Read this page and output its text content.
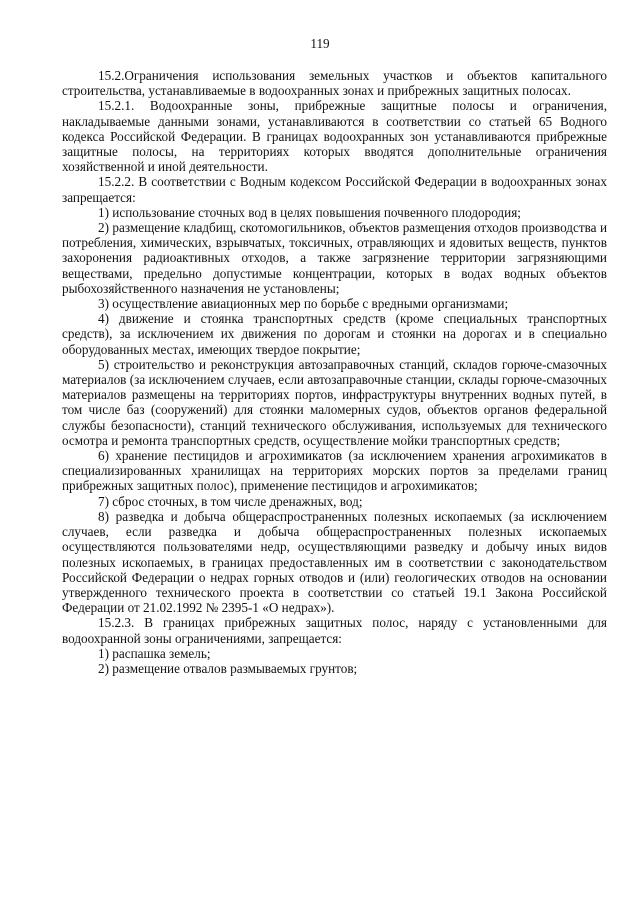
119

15.2.Ограничения использования земельных участков и объектов капитального строительства, устанавливаемые в водоохранных зонах и прибрежных защитных полосах.

15.2.1. Водоохранные зоны, прибрежные защитные полосы и ограничения, накладываемые данными зонами, устанавливаются в соответствии со статьей 65 Водного кодекса Российской Федерации. В границах водоохранных зон устанавливаются прибрежные защитные полосы, на территориях которых вводятся дополнительные ограничения хозяйственной и иной деятельности.

15.2.2. В соответствии с Водным кодексом Российской Федерации в водоохранных зонах запрещается:

1) использование сточных вод в целях повышения почвенного плодородия;

2) размещение кладбищ, скотомогильников, объектов размещения отходов производства и потребления, химических, взрывчатых, токсичных, отравляющих и ядовитых веществ, пунктов захоронения радиоактивных отходов, а также загрязнение территории загрязняющими веществами, предельно допустимые концентрации, которых в водах водных объектов рыбохозяйственного назначения не установлены;

3) осуществление авиационных мер по борьбе с вредными организмами;

4) движение и стоянка транспортных средств (кроме специальных транспортных средств), за исключением их движения по дорогам и стоянки на дорогах и в специально оборудованных местах, имеющих твердое покрытие;

5) строительство и реконструкция автозаправочных станций, складов горюче-смазочных материалов (за исключением случаев, если автозаправочные станции, склады горюче-смазочных материалов размещены на территориях портов, инфраструктуры внутренних водных путей, в том числе баз (сооружений) для стоянки маломерных судов, объектов органов федеральной службы безопасности), станций технического обслуживания, используемых для технического осмотра и ремонта транспортных средств, осуществление мойки транспортных средств;

6) хранение пестицидов и агрохимикатов (за исключением хранения агрохимикатов в специализированных хранилищах на территориях морских портов за пределами границ прибрежных защитных полос), применение пестицидов и агрохимикатов;

7) сброс сточных, в том числе дренажных, вод;

8) разведка и добыча общераспространенных полезных ископаемых (за исключением случаев, если разведка и добыча общераспространенных полезных ископаемых осуществляются пользователями недр, осуществляющими разведку и добычу иных видов полезных ископаемых, в границах предоставленных им в соответствии с законодательством Российской Федерации о недрах горных отводов и (или) геологических отводов на основании утвержденного технического проекта в соответствии со статьей 19.1 Закона Российской Федерации от 21.02.1992 № 2395-1 «О недрах»).

15.2.3. В границах прибрежных защитных полос, наряду с установленными для водоохранной зоны ограничениями, запрещается:

1) распашка земель;

2) размещение отвалов размываемых грунтов;
